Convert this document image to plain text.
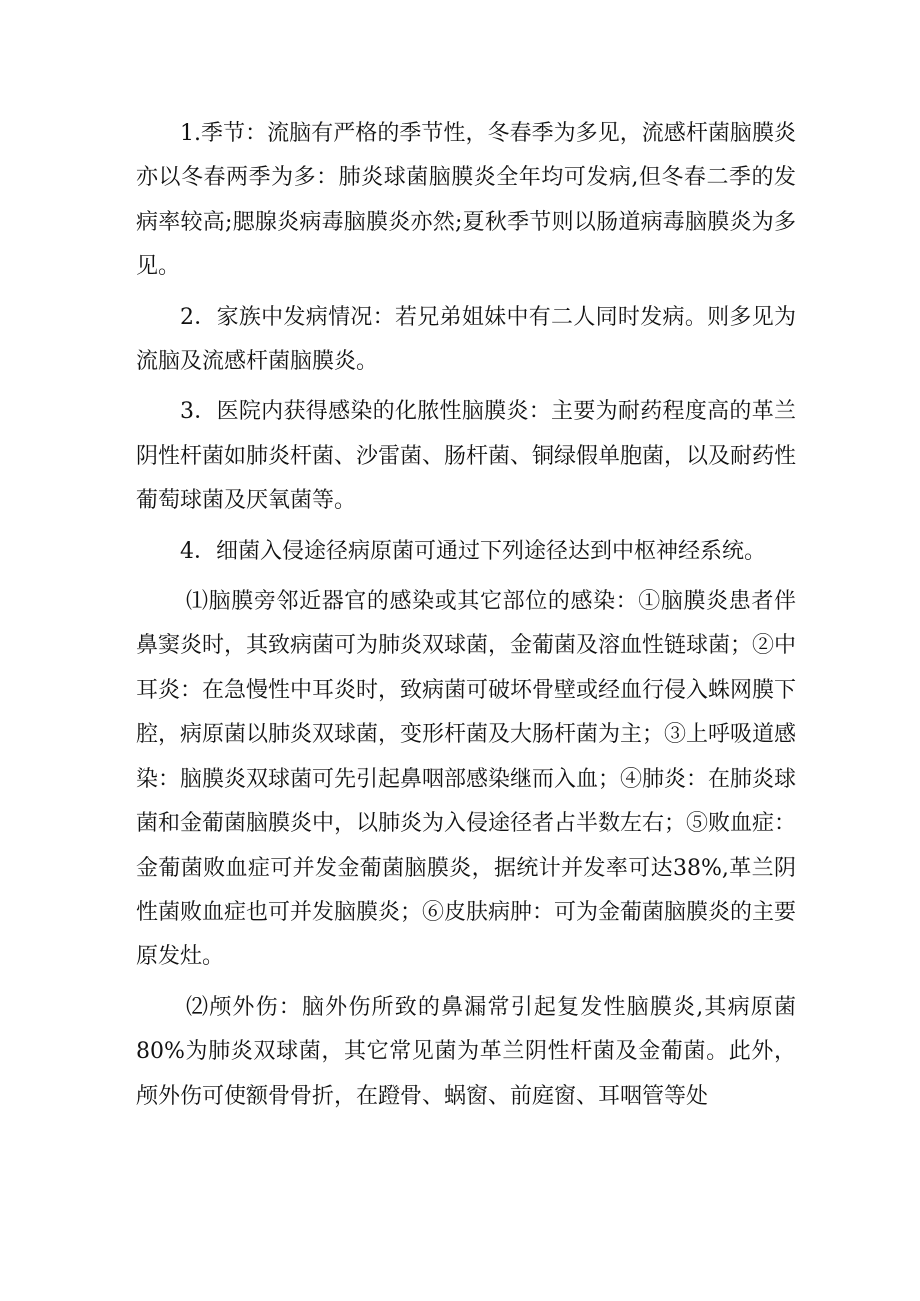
1.季节：流脑有严格的季节性，冬春季为多见，流感杆菌脑膜炎亦以冬春两季为多：肺炎球菌脑膜炎全年均可发病,但冬春二季的发病率较高;腮腺炎病毒脑膜炎亦然;夏秋季节则以肠道病毒脑膜炎为多见。

2．家族中发病情况：若兄弟姐妹中有二人同时发病。则多见为流脑及流感杆菌脑膜炎。

3．医院内获得感染的化脓性脑膜炎：主要为耐药程度高的革兰阴性杆菌如肺炎杆菌、沙雷菌、肠杆菌、铜绿假单胞菌，以及耐药性葡萄球菌及厌氧菌等。

4．细菌入侵途径病原菌可通过下列途径达到中枢神经系统。

⑴脑膜旁邻近器官的感染或其它部位的感染：①脑膜炎患者伴鼻窦炎时，其致病菌可为肺炎双球菌，金葡菌及溶血性链球菌；②中耳炎：在急慢性中耳炎时，致病菌可破坏骨壁或经血行侵入蛛网膜下腔，病原菌以肺炎双球菌，变形杆菌及大肠杆菌为主；③上呼吸道感染：脑膜炎双球菌可先引起鼻咽部感染继而入血；④肺炎：在肺炎球菌和金葡菌脑膜炎中，以肺炎为入侵途径者占半数左右；⑤败血症：金葡菌败血症可并发金葡菌脑膜炎，据统计并发率可达38%,革兰阴性菌败血症也可并发脑膜炎；⑥皮肤病肿：可为金葡菌脑膜炎的主要原发灶。

⑵颅外伤：脑外伤所致的鼻漏常引起复发性脑膜炎,其病原菌80%为肺炎双球菌，其它常见菌为革兰阴性杆菌及金葡菌。此外，颅外伤可使额骨骨折，在蹬骨、蜗窗、前庭窗、耳咽管等处
